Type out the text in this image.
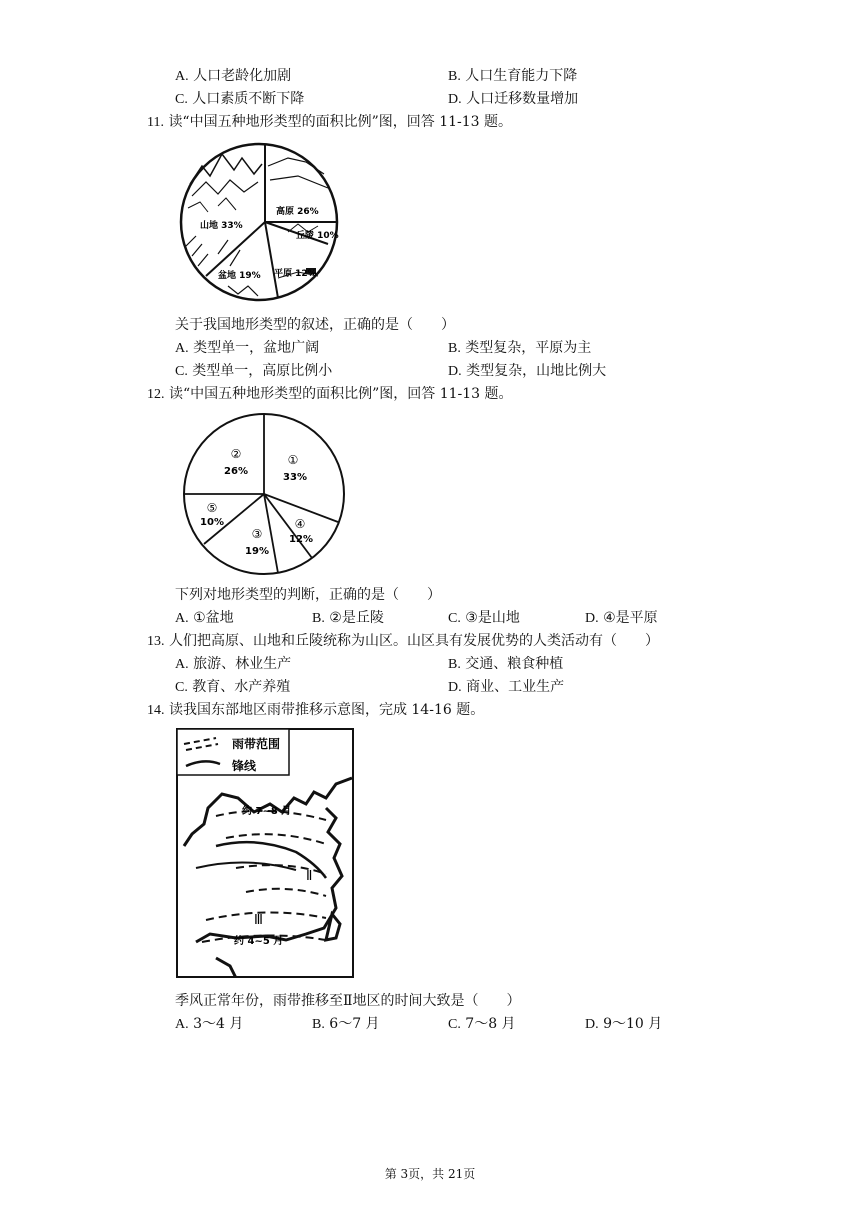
A. 人口老龄化加剧	B. 人口生育能力下降
C. 人口素质不断下降	D. 人口迁移数量增加
11. 读“中国五种地形类型的面积比例”图，回答 11-13 题。
山地 33%
高原 26%
丘陵 10%
盆地 19% 平原 12%
关于我国地形类型的叙述，正确的是（　　）
A. 类型单一，盆地广阔	B. 类型复杂，平原为主
C. 类型单一，高原比例小	D. 类型复杂，山地比例大
12. 读“中国五种地形类型的面积比例”图，回答 11-13 题。
①
33%
②
26%
⑤
10%
③
19%
④
12%
下列对地形类型的判断，正确的是（　　）
A. ①盆地	B. ②是丘陵	C. ③是山地	D. ④是平原
13. 人们把高原、山地和丘陵统称为山区。山区具有发展优势的人类活动有（　　）
A. 旅游、林业生产	B. 交通、粮食种植
C. 教育、水产养殖	D. 商业、工业生产
14. 读我国东部地区雨带推移示意图，完成 14-16 题。
雨带范围
锋线
约 7~8 月
Ⅱ
Ⅲ
约 4~5 月
季风正常年份，雨带推移至Ⅱ地区的时间大致是（　　）
A. 3～4 月	B. 6～7 月	C. 7～8 月	D. 9～10 月
第 3页，共 21页
